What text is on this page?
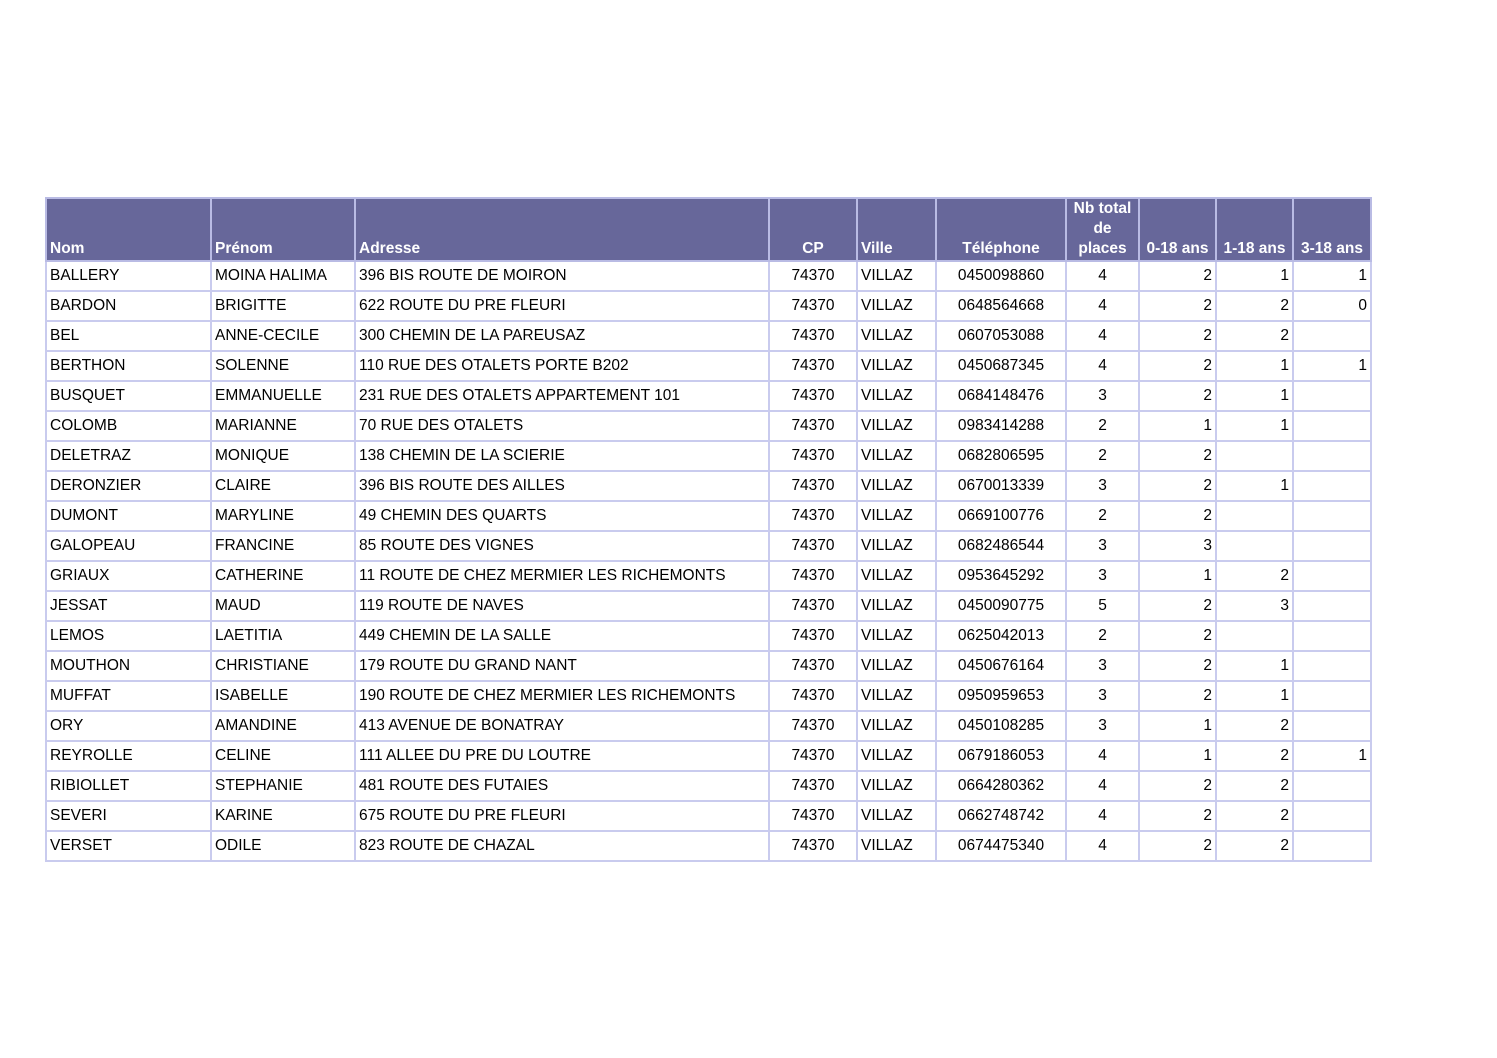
Nom	Prénom	Adresse	CP	Ville	Téléphone	Nb total de places	0-18 ans	1-18 ans	3-18 ans
BALLERY	MOINA HALIMA	396 BIS ROUTE DE MOIRON	74370	VILLAZ	0450098860	4	2	1	1
BARDON	BRIGITTE	622 ROUTE DU PRE FLEURI	74370	VILLAZ	0648564668	4	2	2	0
BEL	ANNE-CECILE	300 CHEMIN DE LA PAREUSAZ	74370	VILLAZ	0607053088	4	2	2	
BERTHON	SOLENNE	110 RUE DES OTALETS PORTE B202	74370	VILLAZ	0450687345	4	2	1	1
BUSQUET	EMMANUELLE	231 RUE DES OTALETS APPARTEMENT 101	74370	VILLAZ	0684148476	3	2	1	
COLOMB	MARIANNE	70 RUE DES OTALETS	74370	VILLAZ	0983414288	2	1	1	
DELETRAZ	MONIQUE	138 CHEMIN DE LA SCIERIE	74370	VILLAZ	0682806595	2	2		
DERONZIER	CLAIRE	396 BIS ROUTE DES AILLES	74370	VILLAZ	0670013339	3	2	1	
DUMONT	MARYLINE	49 CHEMIN DES QUARTS	74370	VILLAZ	0669100776	2	2		
GALOPEAU	FRANCINE	85 ROUTE DES VIGNES	74370	VILLAZ	0682486544	3	3		
GRIAUX	CATHERINE	11 ROUTE DE CHEZ MERMIER LES RICHEMONTS	74370	VILLAZ	0953645292	3	1	2	
JESSAT	MAUD	119 ROUTE DE NAVES	74370	VILLAZ	0450090775	5	2	3	
LEMOS	LAETITIA	449 CHEMIN DE LA SALLE	74370	VILLAZ	0625042013	2	2		
MOUTHON	CHRISTIANE	179 ROUTE DU GRAND NANT	74370	VILLAZ	0450676164	3	2	1	
MUFFAT	ISABELLE	190 ROUTE DE CHEZ MERMIER LES RICHEMONTS	74370	VILLAZ	0950959653	3	2	1	
ORY	AMANDINE	413 AVENUE DE BONATRAY	74370	VILLAZ	0450108285	3	1	2	
REYROLLE	CELINE	111 ALLEE DU PRE DU LOUTRE	74370	VILLAZ	0679186053	4	1	2	1
RIBIOLLET	STEPHANIE	481 ROUTE DES FUTAIES	74370	VILLAZ	0664280362	4	2	2	
SEVERI	KARINE	675 ROUTE DU PRE FLEURI	74370	VILLAZ	0662748742	4	2	2	
VERSET	ODILE	823 ROUTE DE CHAZAL	74370	VILLAZ	0674475340	4	2	2	
